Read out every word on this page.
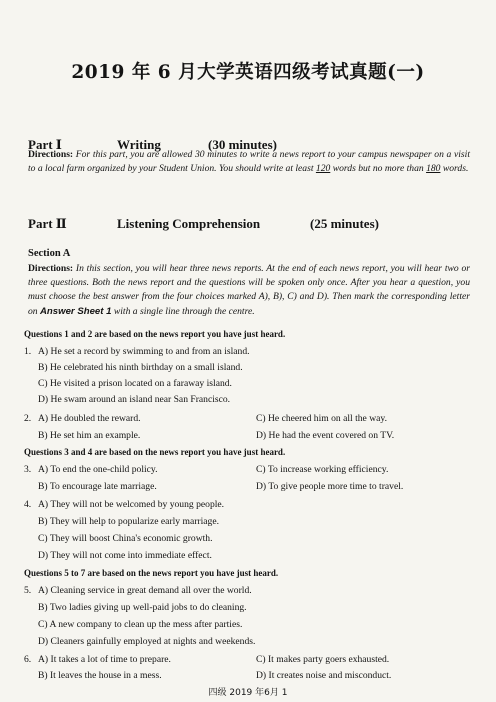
2019 年 6 月大学英语四级考试真题(一)
Part Ⅰ	Writing	(30 minutes)
Directions: For this part, you are allowed 30 minutes to write a news report to your campus newspaper on a visit to a local farm organized by your Student Union. You should write at least 120 words but no more than 180 words.
Part Ⅱ	Listening Comprehension	(25 minutes)
Section A
Directions: In this section, you will hear three news reports. At the end of each news report, you will hear two or three questions. Both the news report and the questions will be spoken only once. After you hear a question, you must choose the best answer from the four choices marked A), B), C) and D). Then mark the corresponding letter on Answer Sheet 1 with a single line through the centre.
Questions 1 and 2 are based on the news report you have just heard.
1. A) He set a record by swimming to and from an island.
B) He celebrated his ninth birthday on a small island.
C) He visited a prison located on a faraway island.
D) He swam around an island near San Francisco.
2. A) He doubled the reward.	C) He cheered him on all the way.
B) He set him an example.	D) He had the event covered on TV.
Questions 3 and 4 are based on the news report you have just heard.
3. A) To end the one-child policy.	C) To increase working efficiency.
B) To encourage late marriage.	D) To give people more time to travel.
4. A) They will not be welcomed by young people.
B) They will help to popularize early marriage.
C) They will boost China's economic growth.
D) They will not come into immediate effect.
Questions 5 to 7 are based on the news report you have just heard.
5. A) Cleaning service in great demand all over the world.
B) Two ladies giving up well-paid jobs to do cleaning.
C) A new company to clean up the mess after parties.
D) Cleaners gainfully employed at nights and weekends.
6. A) It takes a lot of time to prepare.	C) It makes party goers exhausted.
B) It leaves the house in a mess.	D) It creates noise and misconduct.
四级 2019 年6月 1
